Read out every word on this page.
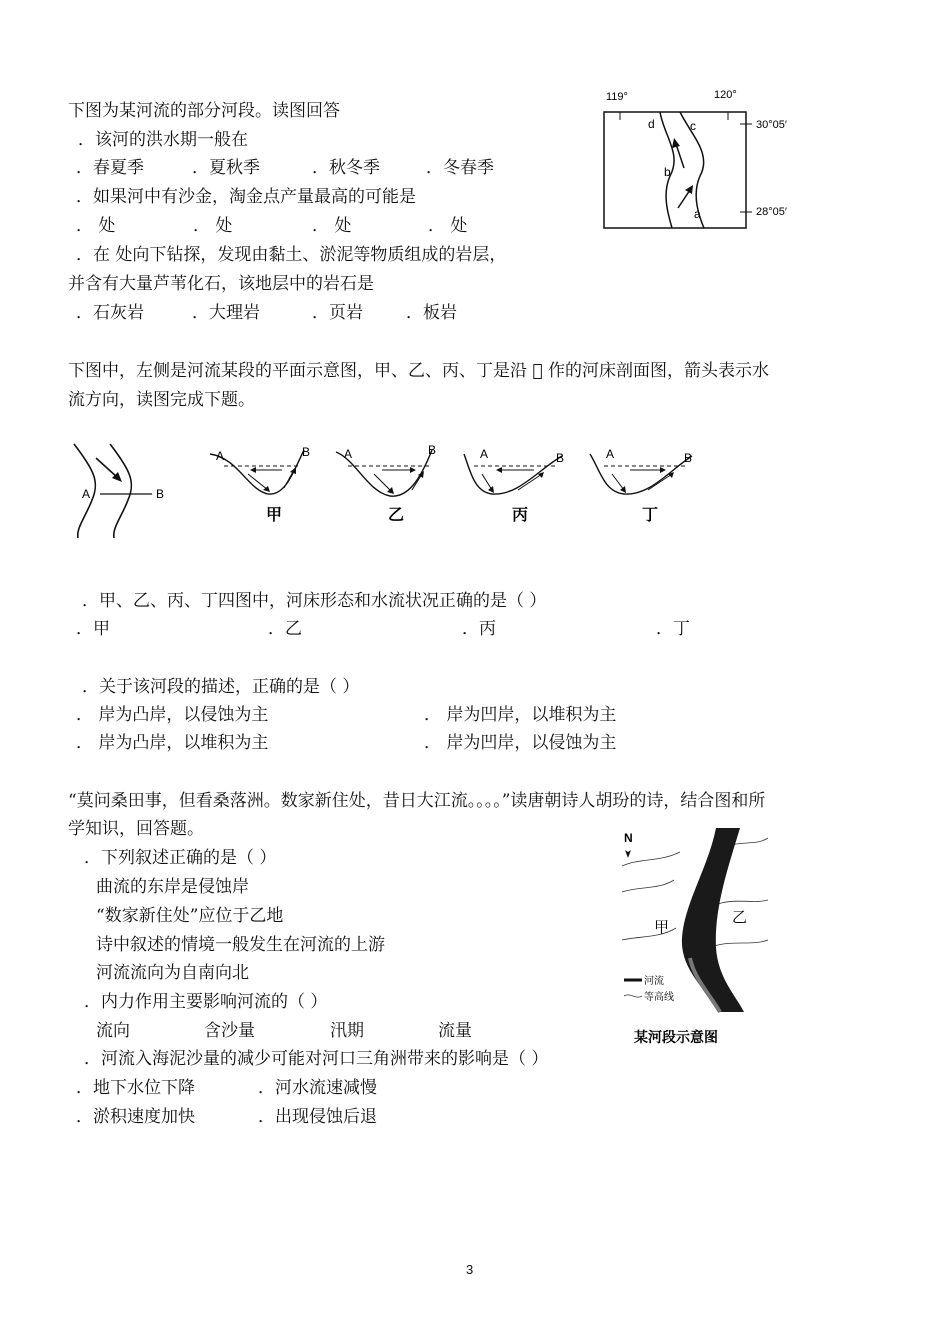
下图为某河流的部分河段。读图回答
．该河的洪水期一般在
．春夏季	．夏秋季	．秋冬季	．冬春季
．如果河中有沙金，淘金点产量最高的可能是
． 处	． 处	． 处	． 处
．在 处向下钻探，发现由黏土、淤泥等物质组成的岩层，
并含有大量芦苇化石，该地层中的岩石是
．石灰岩	．大理岩	．页岩	．板岩
119°	120°
30°05′
28°05′
d	c
b
a
下图中，左侧是河流某段的平面示意图，甲、乙、丙、丁是沿   作的河床剖面图，箭头表示水
流方向，读图完成下题。
A	B
A	B
甲
A	B
乙
A	B
丙
A	B
丁
．甲、乙、丙、丁四图中，河床形态和水流状况正确的是（ ）
．甲	．乙	．丙	．丁
．关于该河段的描述，正确的是（ ）
． 岸为凸岸，以侵蚀为主	． 岸为凹岸，以堆积为主
． 岸为凸岸，以堆积为主	． 岸为凹岸，以侵蚀为主
“莫问桑田事，但看桑落洲。数家新住处，昔日大江流。。。。”读唐朝诗人胡玢的诗，结合图和所
学知识，回答题。
．下列叙述正确的是（ ）
曲流的东岸是侵蚀岸
“数家新住处”应位于乙地
诗中叙述的情境一般发生在河流的上游
河流流向为自南向北
．内力作用主要影响河流的（ ）
流向	含沙量	汛期	流量
．河流入海泥沙量的减少可能对河口三角洲带来的影响是（ ）
．地下水位下降	．河水流速减慢
．淤积速度加快	．出现侵蚀后退
N
甲
乙
河流
等高线
某河段示意图
3
